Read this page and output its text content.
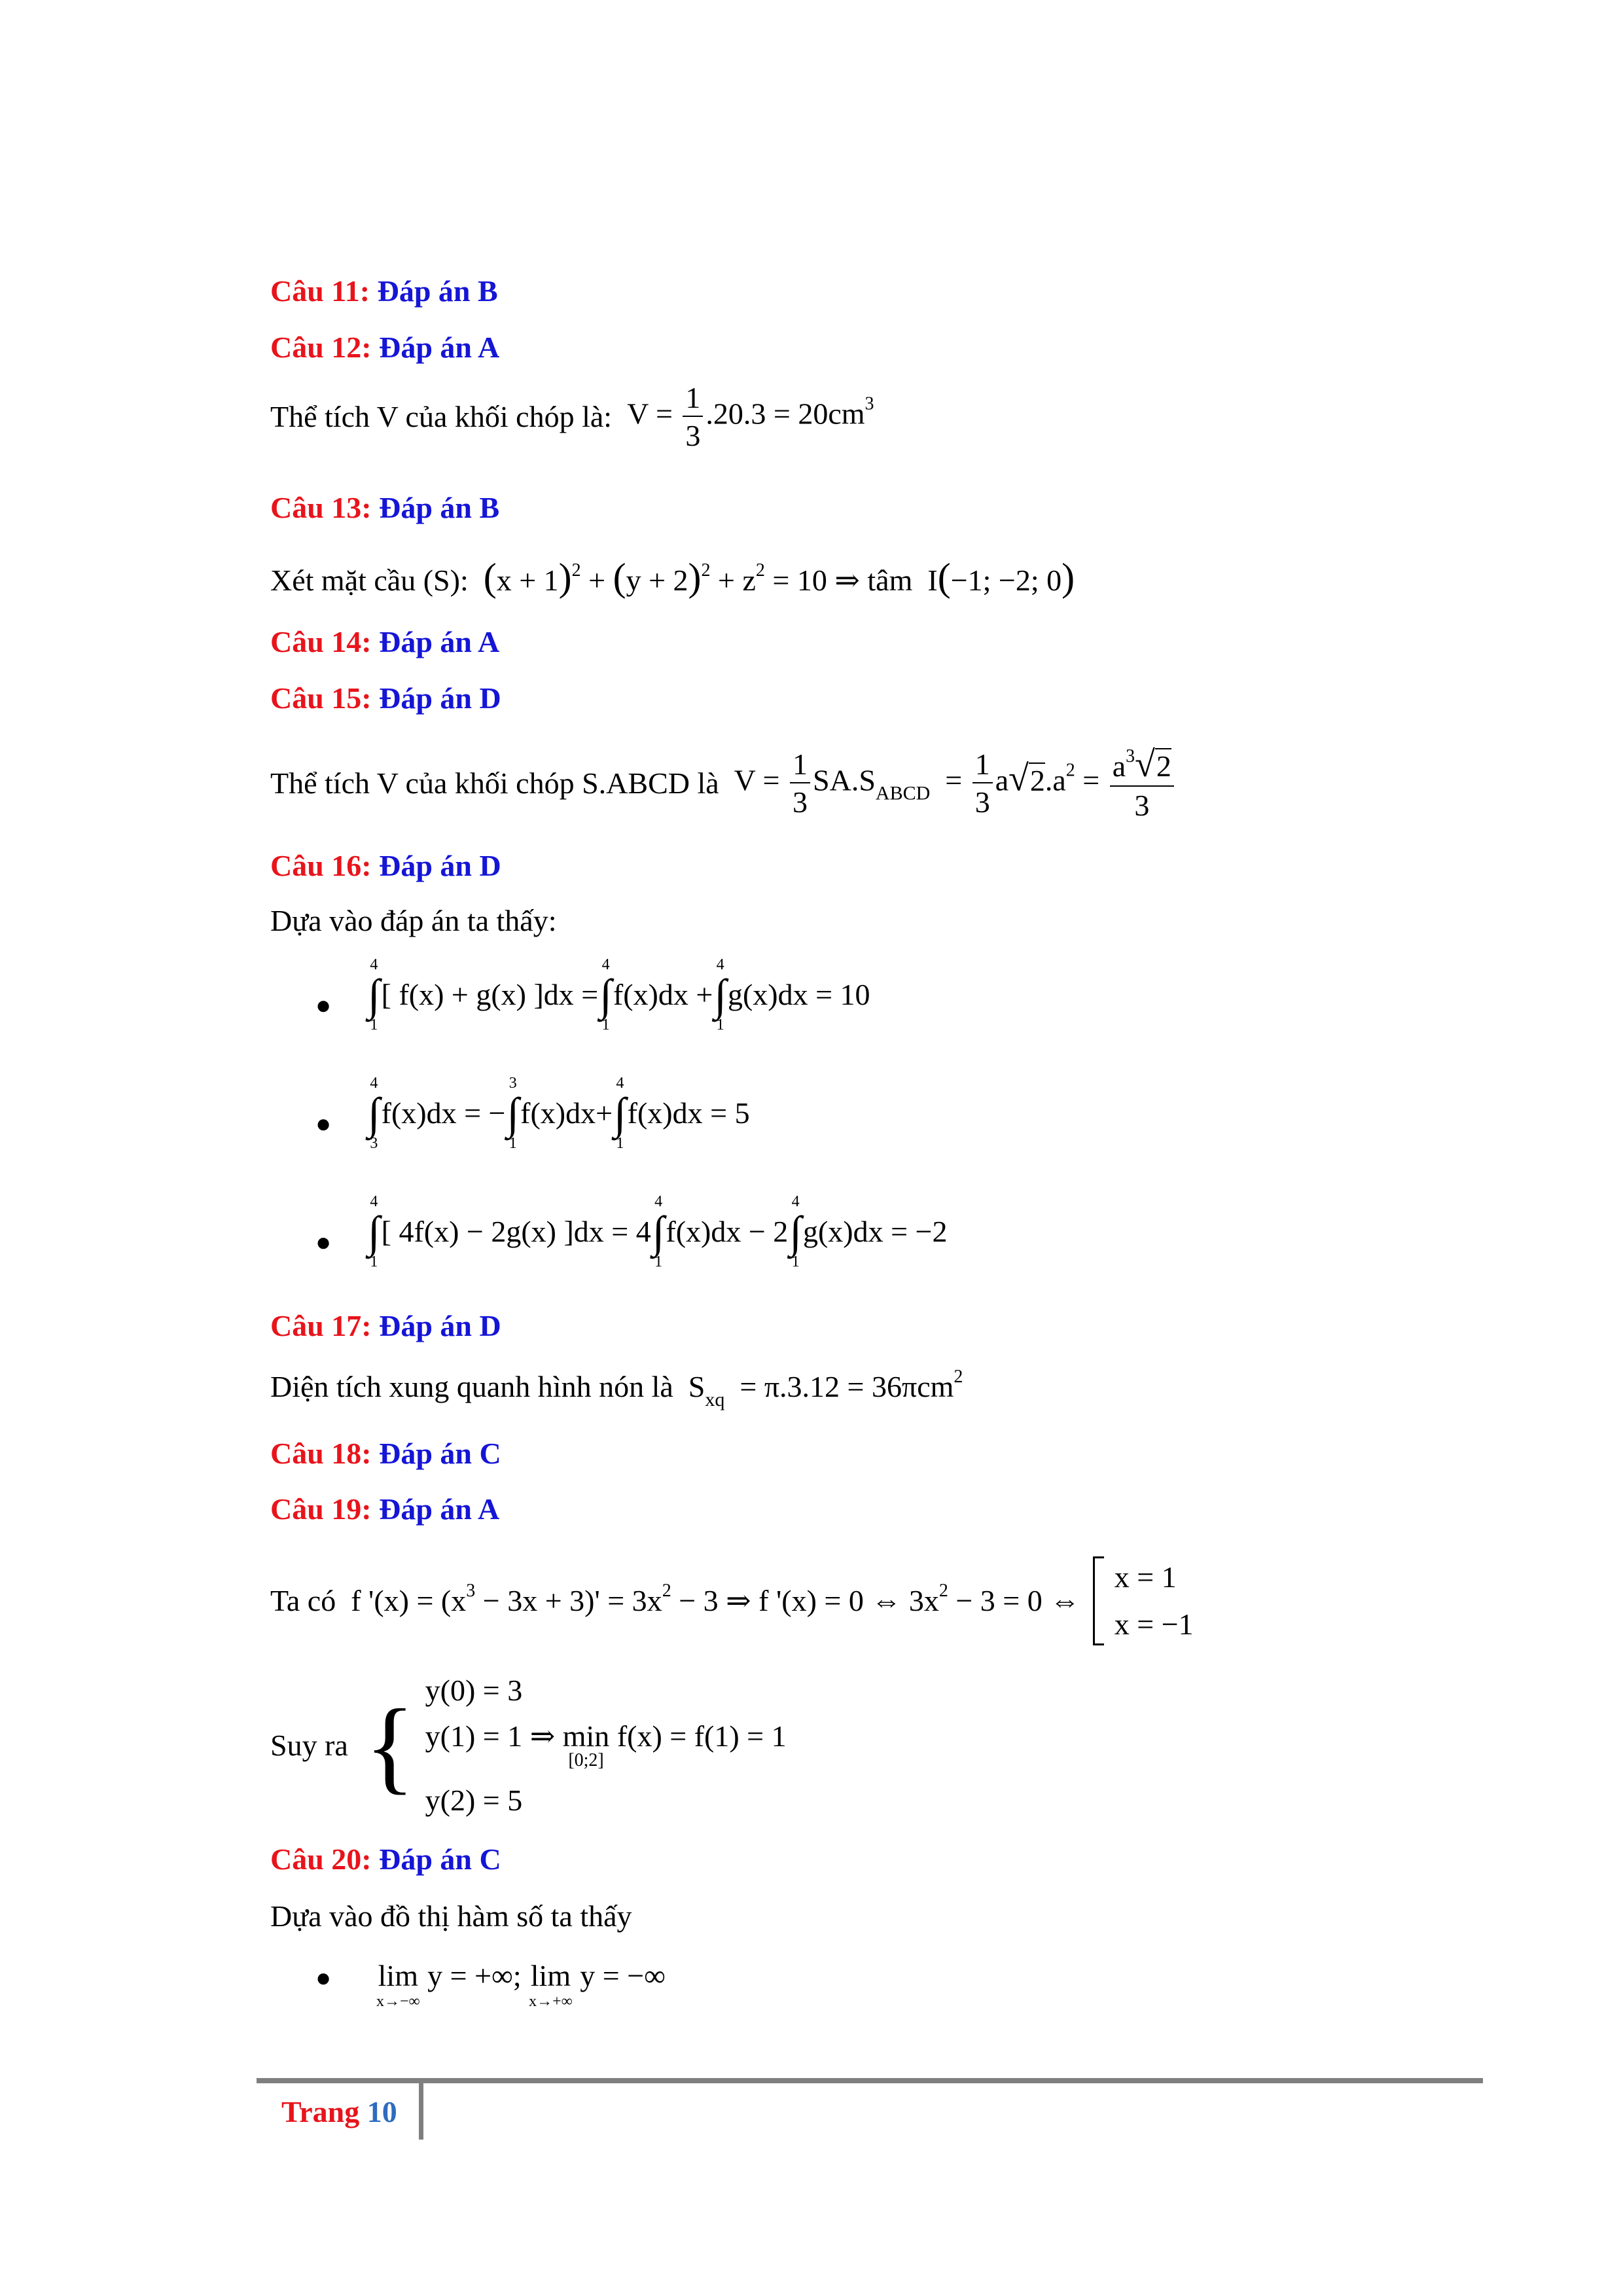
Câu 11: Đáp án B
Câu 12: Đáp án A
Thể tích V của khối chóp là:  $V = \frac{1}{3} .20.3 = 20cm^3$
Câu 13: Đáp án B
Xét mặt cầu (S): $(x + 1)^2 + (y + 2)^2 + z^2 = 10$ ⇒ tâm  I(−1; −2; 0)
Câu 14: Đáp án A
Câu 15: Đáp án D
Thể tích V của khối chóp S.ABCD là  $V = \frac{1}{3} SA.S_{ABCD} = \frac{1}{3} a√2.a^2 = \frac{a^3√2}{3}$
Câu 16: Đáp án D
Dựa vào đáp án ta thấy:
●
4
∫
1
[ f(x) + g(x) ]dx =
4
∫
1
f(x)dx +
4
∫
1
g(x)dx = 10
●
4
∫
3
f(x)dx = −
3
∫
1
f(x)dx+
4
∫
1
f(x)dx = 5
●
4
∫
1
[ 4f(x) − 2g(x) ]dx = 4
4
∫
1
f(x)dx − 2
4
∫
1
g(x)dx = −2
Câu 17: Đáp án D
Diện tích xung quanh hình nón là  $S_{xq} = \pi.3.12 = 36\pi cm^2$
Câu 18: Đáp án C
Câu 19: Đáp án A
Ta có  f '$(x) = (x^3 - 3x + 3)' = 3x^2 - 3$ ⇒ f '(x) = 0 ⇔ $3x^2 - 3 = 0$ ⇔
x = 1
x = −1
Suy ra { y(0) = 3
y(1) = 1 ⇒ min
[0;2]
f(x) = f(1) = 1
y(2) = 5
Câu 20: Đáp án C
Dựa vào đồ thị hàm số ta thấy
● lim
x→−∞
y = +∞; lim
x→+∞
y = −∞
Trang 10
